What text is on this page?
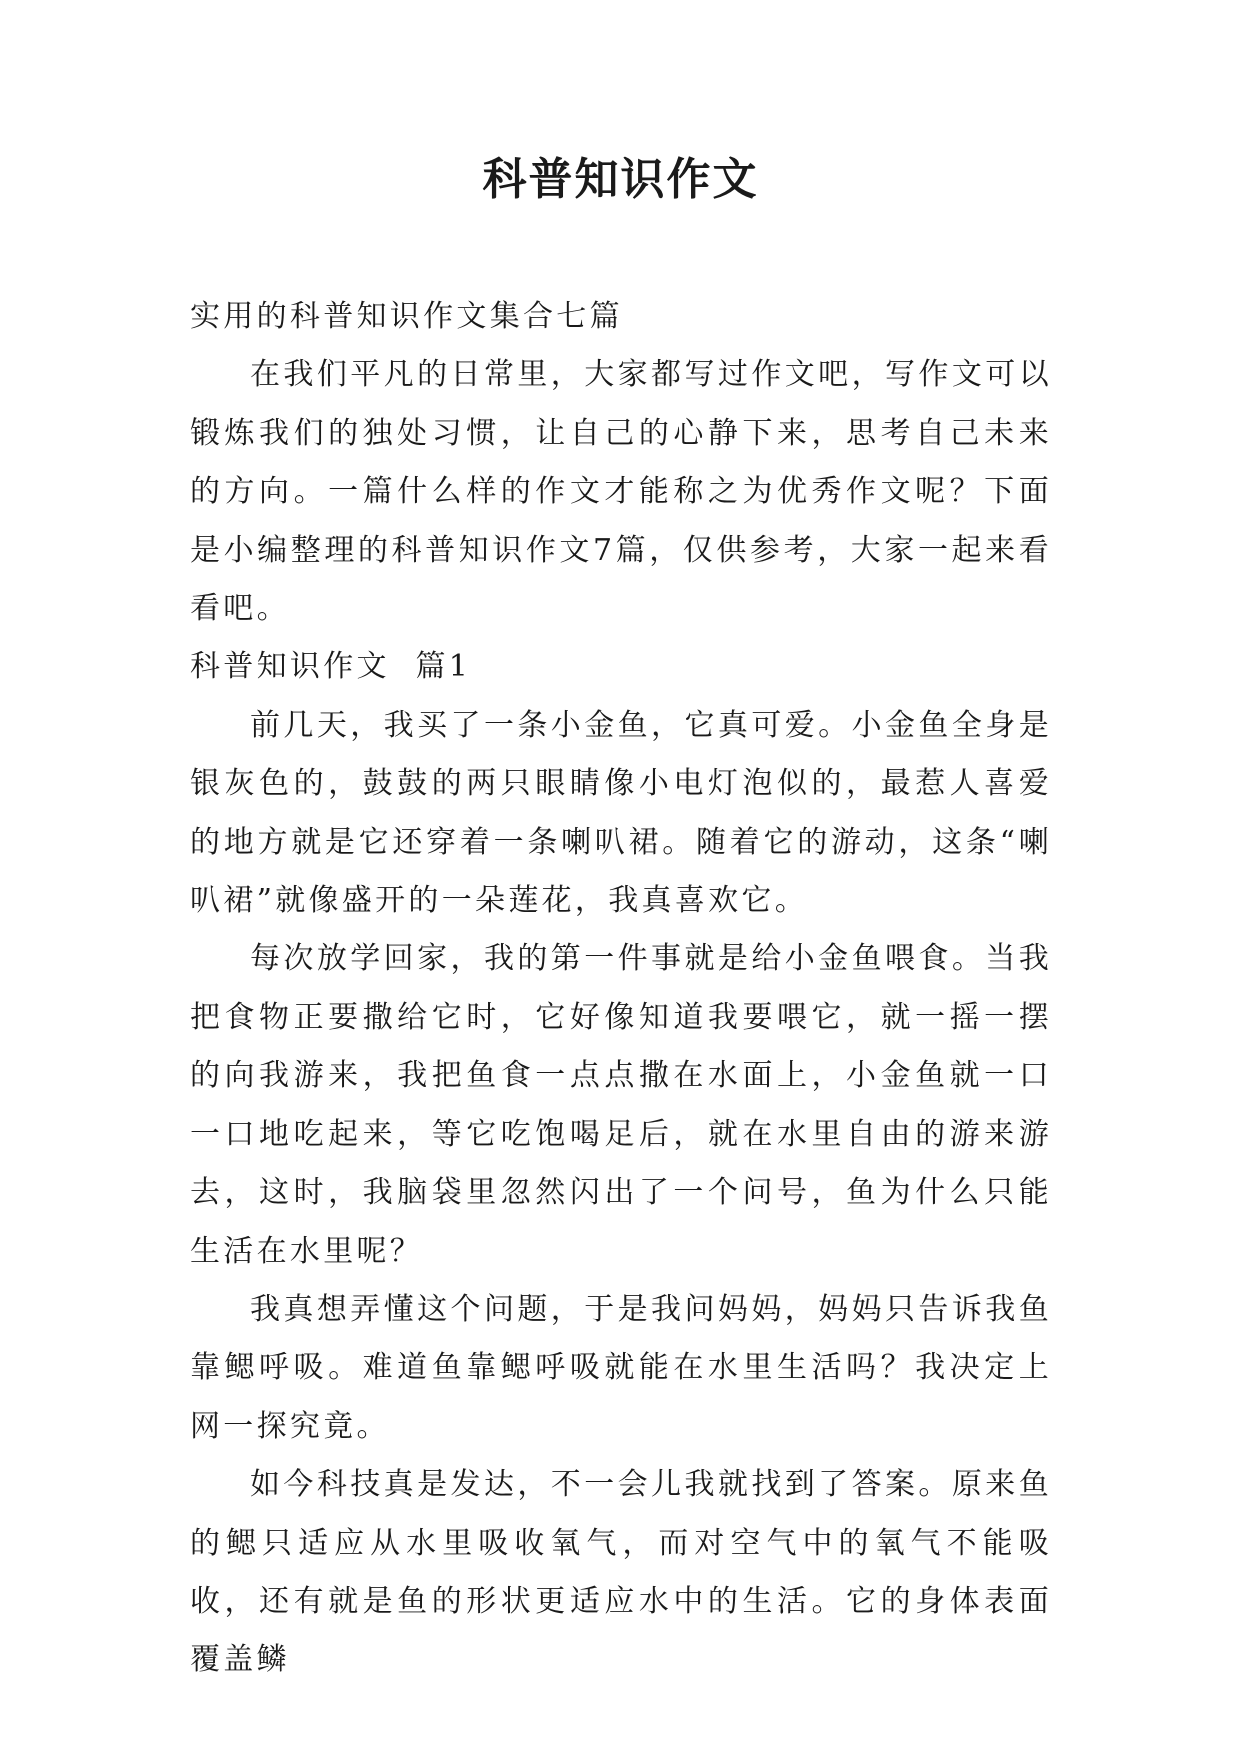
科普知识作文

实用的科普知识作文集合七篇

在我们平凡的日常里，大家都写过作文吧，写作文可以锻炼我们的独处习惯，让自己的心静下来，思考自己未来的方向。一篇什么样的作文才能称之为优秀作文呢？下面是小编整理的科普知识作文7篇，仅供参考，大家一起来看看吧。

科普知识作文  篇1

前几天，我买了一条小金鱼，它真可爱。小金鱼全身是银灰色的，鼓鼓的两只眼睛像小电灯泡似的，最惹人喜爱的地方就是它还穿着一条喇叭裙。随着它的游动，这条“喇叭裙”就像盛开的一朵莲花，我真喜欢它。

每次放学回家，我的第一件事就是给小金鱼喂食。当我把食物正要撒给它时，它好像知道我要喂它，就一摇一摆的向我游来，我把鱼食一点点撒在水面上，小金鱼就一口一口地吃起来，等它吃饱喝足后，就在水里自由的游来游去，这时，我脑袋里忽然闪出了一个问号，鱼为什么只能生活在水里呢？

我真想弄懂这个问题，于是我问妈妈，妈妈只告诉我鱼靠鳃呼吸。难道鱼靠鳃呼吸就能在水里生活吗？我决定上网一探究竟。

如今科技真是发达，不一会儿我就找到了答案。原来鱼的鳃只适应从水里吸收氧气，而对空气中的氧气不能吸收，还有就是鱼的形状更适应水中的生活。它的身体表面覆盖鳞
